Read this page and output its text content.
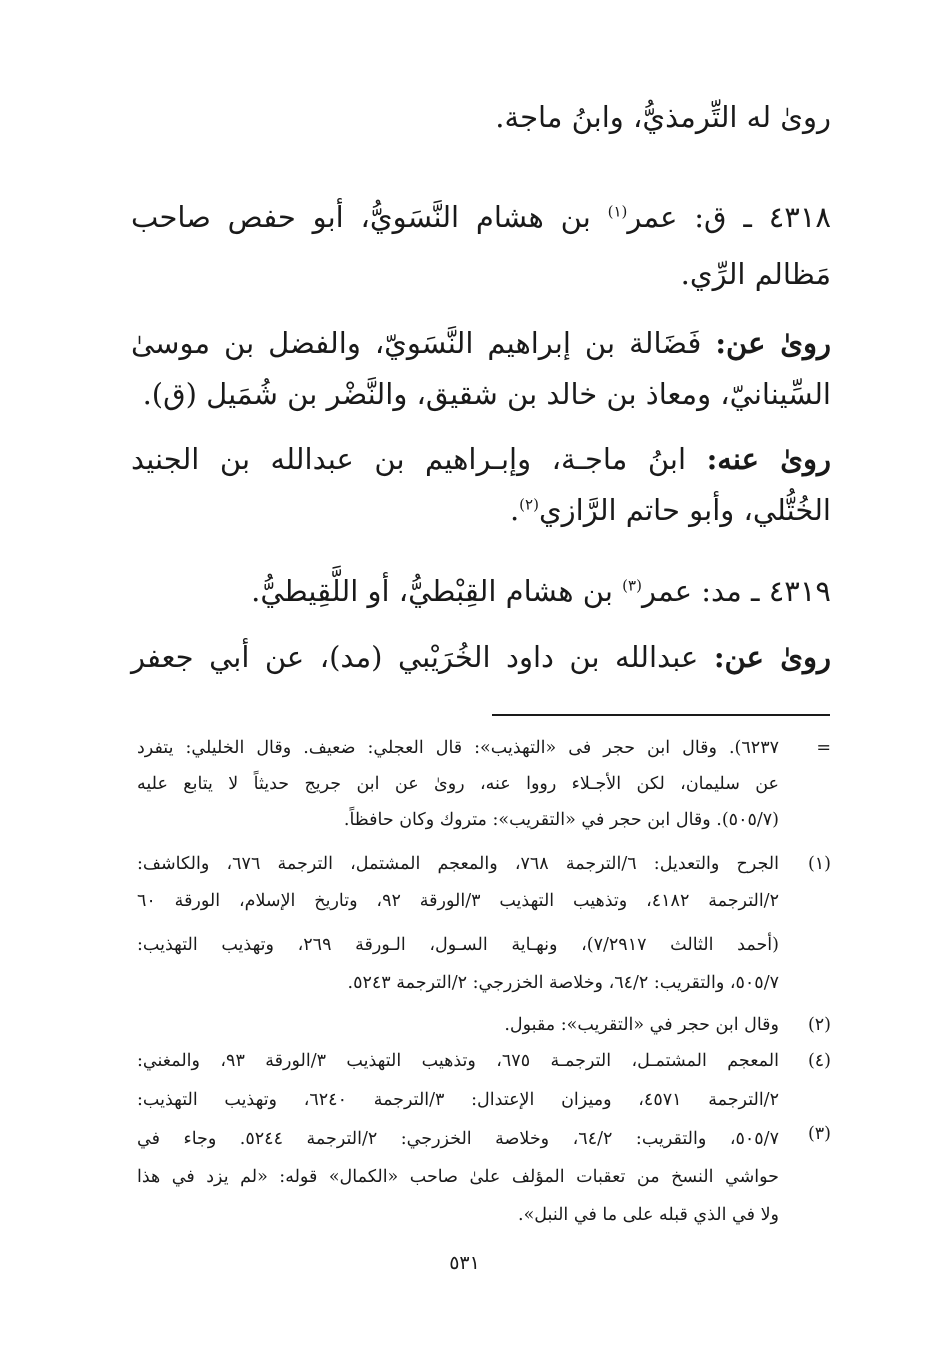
روىٰ له التِّرمذيُّ، وابنُ ماجة.
٤٣١٨ ـ ق: عمر$^{(١)}$ بن هشام النَّسَويُّ، أبو حفص صاحب
مَظالم الرِّي.
روىٰ عن: فَضَالة بن إبراهيم النَّسَويّ، والفضل بن موسىٰ
السِّينانيّ، ومعاذ بن خالد بن شقيق، والنَّضْر بن شُمَيل (ق).
روىٰ عنه: ابنُ ماجـة، وإبـراهيم بن عبدالله بن الجنيد
الخُتُّلي، وأبو حاتم الرَّازي$^{(٢)}$.
٤٣١٩ ـ مد: عمر$^{(٣)}$ بن هشام القِبْطيُّ، أو اللَّقِيطيُّ.
روىٰ عن: عبدالله بن داود الخُرَيْبي (مد)، عن أبي جعفر
=
٦٢٣٧). وقال ابن حجر فى «التهذيب»: قال العجلي: ضعيف. وقال الخليلي: يتفرد
عن سليمان، لكن الأجـلاء رووا عنه، روىٰ عن ابن جريج حديثاً لا يتابع عليه
(٥٠٥/٧). وقال ابن حجر في «التقريب»: متروك وكان حافظاً.
(١)
الجرح والتعديل: ٦/الترجمة ٧٦٨، والمعجم المشتمل، الترجمة ٦٧٦، والكاشف:
٢/الترجمة ٤١٨٢، وتذهيب التهذيب ٣/الورقة ٩٢، وتاريخ الإسلام، الورقة ٦٠
(أحمد الثالث ٧/٢٩١٧)، ونهـاية السـول، الـورقة ٢٦٩، وتهذيب التهذيب:
٥٠٥/٧، والتقريب: ٦٤/٢، وخلاصة الخزرجي: ٢/الترجمة ٥٢٤٣.
(٢)
وقال ابن حجر في «التقريب»: مقبول.
(٤)
المعجم المشتمـل، الترجمـة ٦٧٥، وتذهيب التهذيب ٣/الورقة ٩٣، والمغني:
٢/الترجمة ٤٥٧١، وميزان الإعتدال: ٣/الترجمة ٦٢٤٠، وتهذيب التهذيب:
(٣)
٥٠٥/٧، والتقريب: ٦٤/٢، وخلاصة الخزرجي: ٢/الترجمة ٥٢٤٤. وجاء في
حواشي النسخ من تعقبات المؤلف علىٰ صاحب «الكمال» قوله: «لم يزد في هذا
ولا في الذي قبله على ما في النبل».
٥٣١
